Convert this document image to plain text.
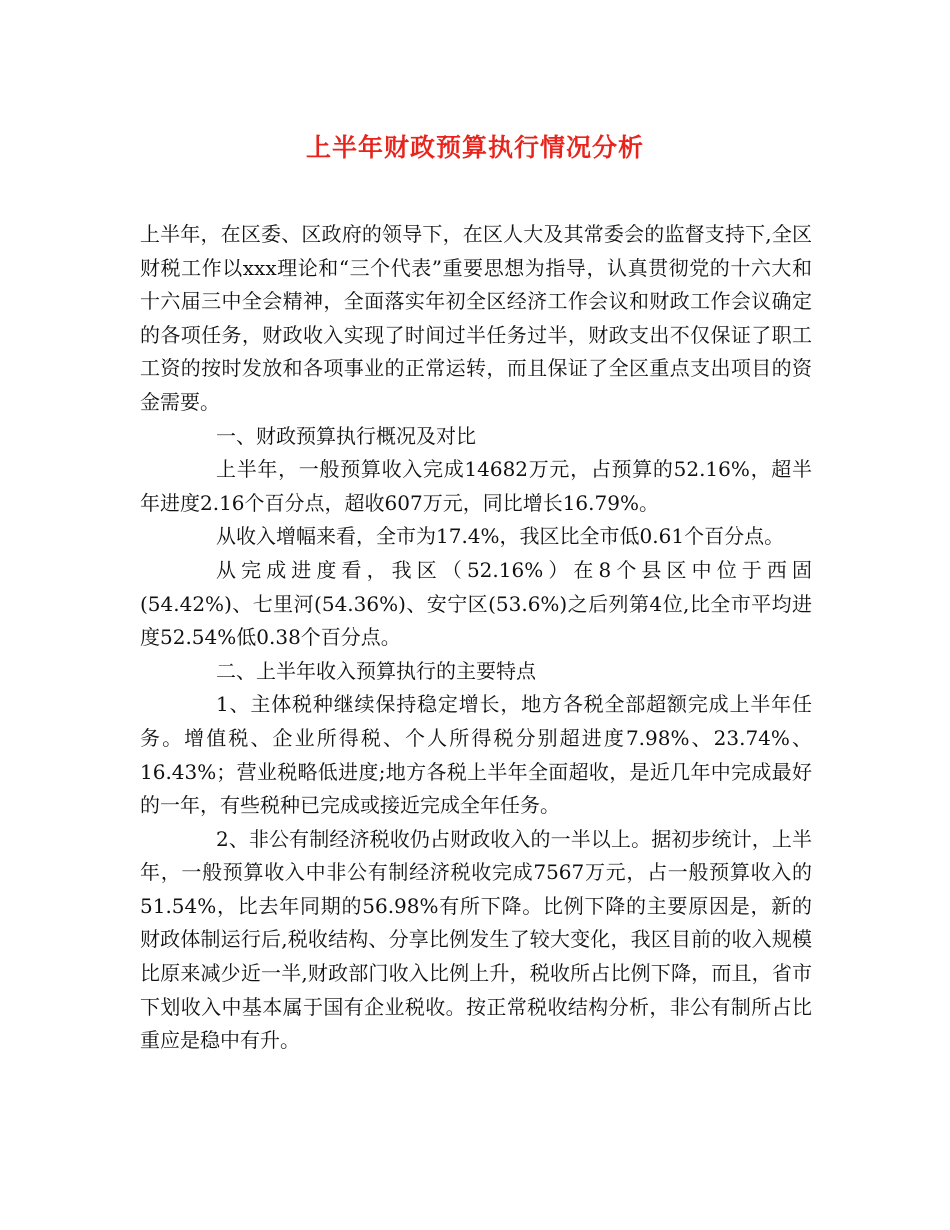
上半年财政预算执行情况分析

上半年，在区委、区政府的领导下，在区人大及其常委会的监督支持下,全区财税工作以xxx理论和“三个代表”重要思想为指导，认真贯彻党的十六大和十六届三中全会精神，全面落实年初全区经济工作会议和财政工作会议确定的各项任务，财政收入实现了时间过半任务过半，财政支出不仅保证了职工工资的按时发放和各项事业的正常运转，而且保证了全区重点支出项目的资金需要。

一、财政预算执行概况及对比

上半年，一般预算收入完成14682万元，占预算的52.16%，超半年进度2.16个百分点，超收607万元，同比增长16.79%。

从收入增幅来看，全市为17.4%，我区比全市低0.61个百分点。

从完成进度看，我区（52.16%）在8个县区中位于西固(54.42%)、七里河(54.36%)、安宁区(53.6%)之后列第4位,比全市平均进度52.54%低0.38个百分点。

二、上半年收入预算执行的主要特点

1、主体税种继续保持稳定增长，地方各税全部超额完成上半年任务。增值税、企业所得税、个人所得税分别超进度7.98%、23.74%、16.43%；营业税略低进度;地方各税上半年全面超收，是近几年中完成最好的一年，有些税种已完成或接近完成全年任务。

2、非公有制经济税收仍占财政收入的一半以上。据初步统计，上半年，一般预算收入中非公有制经济税收完成7567万元，占一般预算收入的51.54%，比去年同期的56.98%有所下降。比例下降的主要原因是，新的财政体制运行后,税收结构、分享比例发生了较大变化，我区目前的收入规模比原来减少近一半,财政部门收入比例上升，税收所占比例下降，而且，省市下划收入中基本属于国有企业税收。按正常税收结构分析，非公有制所占比重应是稳中有升。
